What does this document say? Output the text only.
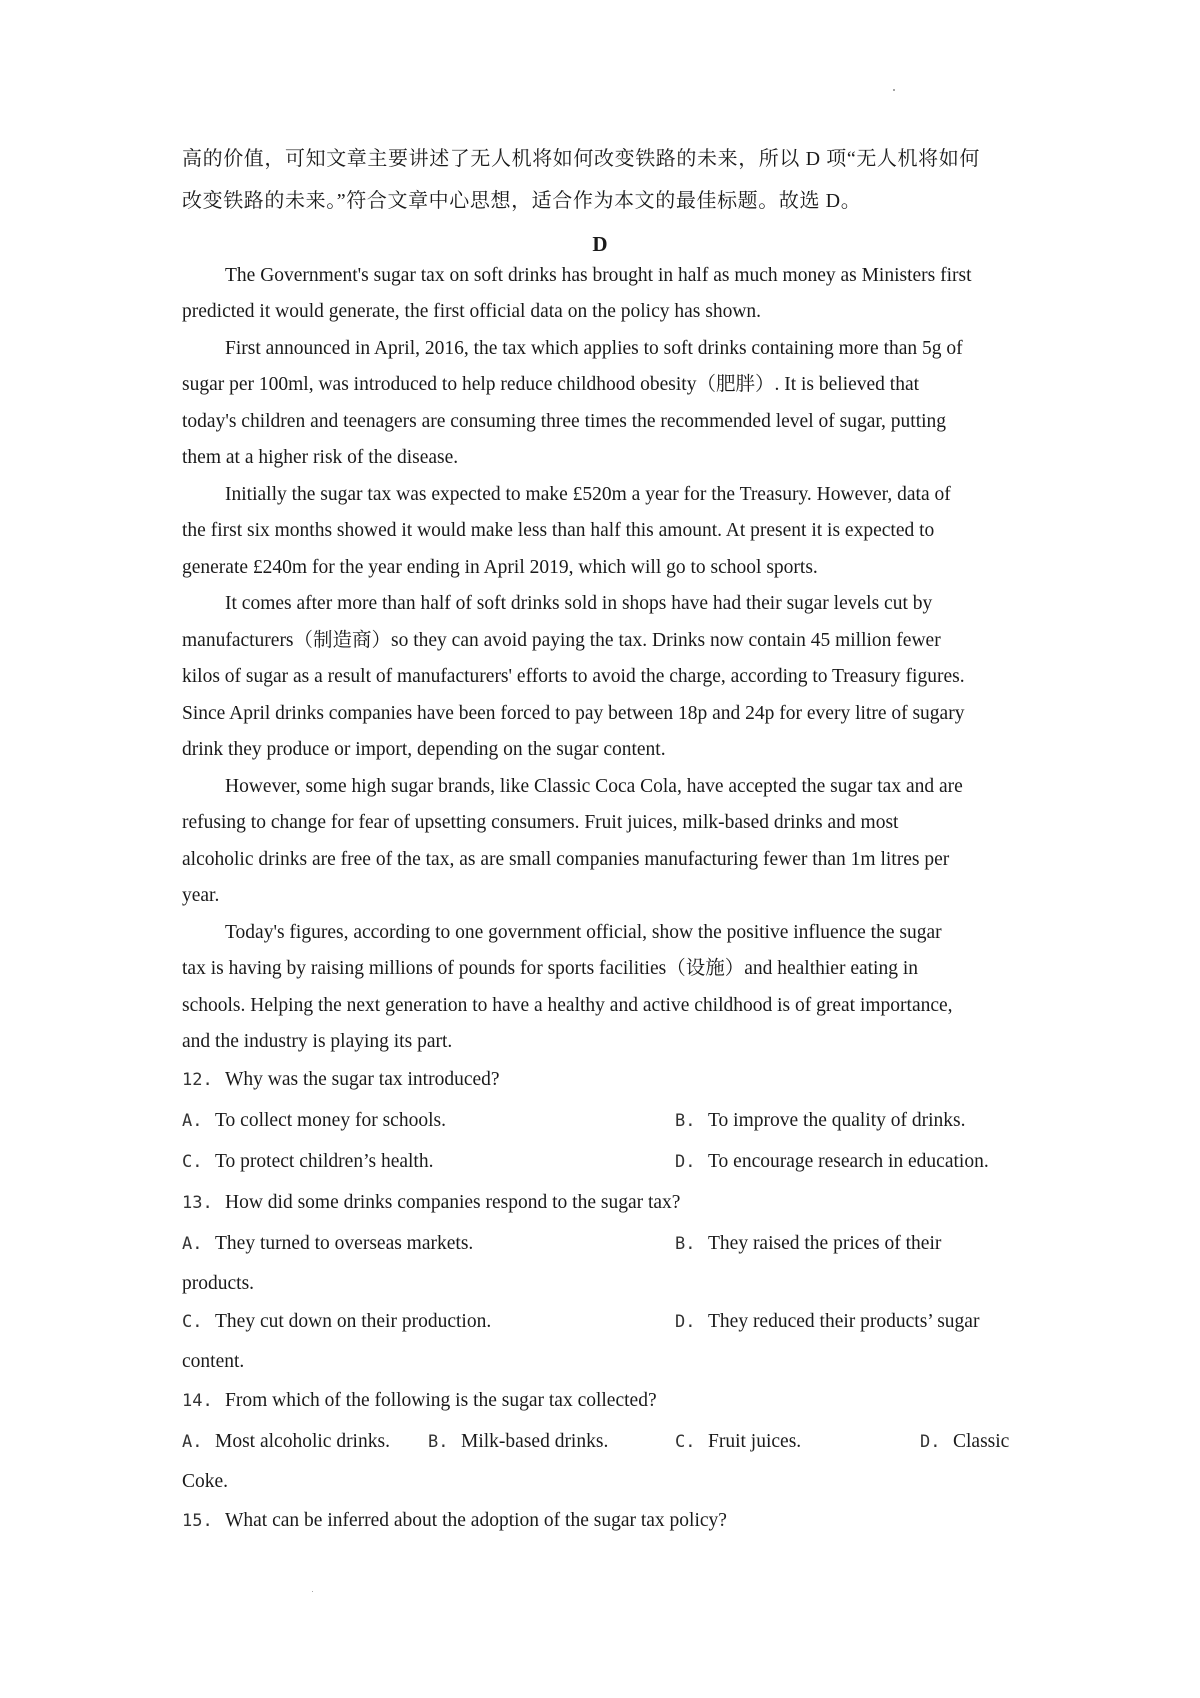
高的价值，可知文章主要讲述了无人机将如何改变铁路的未来，所以 D 项“无人机将如何
改变铁路的未来。”符合文章中心思想，适合作为本文的最佳标题。故选 D。
D
The Government's sugar tax on soft drinks has brought in half as much money as Ministers first
predicted it would generate, the first official data on the policy has shown.
First announced in April, 2016, the tax which applies to soft drinks containing more than 5g of
sugar per 100ml, was introduced to help reduce childhood obesity（肥胖）. It is believed that
today's children and teenagers are consuming three times the recommended level of sugar, putting
them at a higher risk of the disease.
Initially the sugar tax was expected to make £520m a year for the Treasury. However, data of
the first six months showed it would make less than half this amount. At present it is expected to
generate £240m for the year ending in April 2019, which will go to school sports.
It comes after more than half of soft drinks sold in shops have had their sugar levels cut by
manufacturers（制造商）so they can avoid paying the tax. Drinks now contain 45 million fewer
kilos of sugar as a result of manufacturers' efforts to avoid the charge, according to Treasury figures.
Since April drinks companies have been forced to pay between 18p and 24p for every litre of sugary
drink they produce or import, depending on the sugar content.
However, some high sugar brands, like Classic Coca Cola, have accepted the sugar tax and are
refusing to change for fear of upsetting consumers. Fruit juices, milk-based drinks and most
alcoholic drinks are free of the tax, as are small companies manufacturing fewer than 1m litres per
year.
Today's figures, according to one government official, show the positive influence the sugar
tax is having by raising millions of pounds for sports facilities（设施）and healthier eating in
schools. Helping the next generation to have a healthy and active childhood is of great importance,
and the industry is playing its part.
12. Why was the sugar tax introduced?
A. To collect money for schools.	B. To improve the quality of drinks.
C. To protect children’s health.	D. To encourage research in education.
13. How did some drinks companies respond to the sugar tax?
A. They turned to overseas markets.	B. They raised the prices of their
products.
C. They cut down on their production.	D. They reduced their products’ sugar
content.
14. From which of the following is the sugar tax collected?
A. Most alcoholic drinks. B. Milk-based drinks.	C. Fruit juices.	D. Classic
Coke.
15. What can be inferred about the adoption of the sugar tax policy?
